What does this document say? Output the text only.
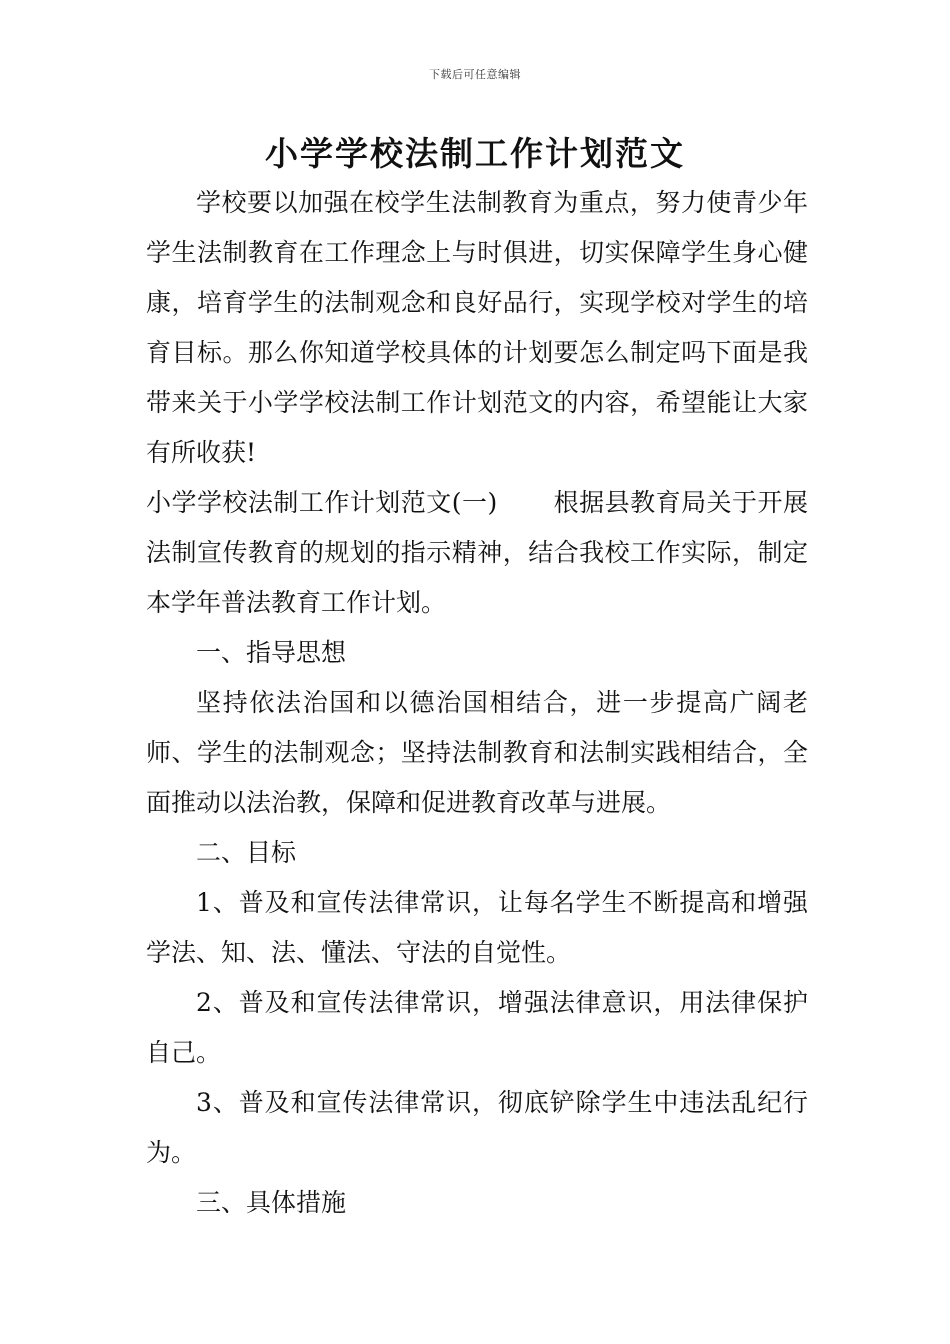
下载后可任意编辑
小学学校法制工作计划范文

学校要以加强在校学生法制教育为重点，努力使青少年学生法制教育在工作理念上与时俱进，切实保障学生身心健康，培育学生的法制观念和良好品行，实现学校对学生的培育目标。那么你知道学校具体的计划要怎么制定吗下面是我带来关于小学学校法制工作计划范文的内容，希望能让大家有所收获!

小学学校法制工作计划范文(一) 根据县教育局关于开展法制宣传教育的规划的指示精神，结合我校工作实际，制定本学年普法教育工作计划。

一、指导思想

坚持依法治国和以德治国相结合，进一步提高广阔老师、学生的法制观念；坚持法制教育和法制实践相结合，全面推动以法治教，保障和促进教育改革与进展。

二、目标

1、普及和宣传法律常识，让每名学生不断提高和增强学法、知、法、懂法、守法的自觉性。

2、普及和宣传法律常识，增强法律意识，用法律保护自己。

3、普及和宣传法律常识，彻底铲除学生中违法乱纪行为。

三、具体措施
